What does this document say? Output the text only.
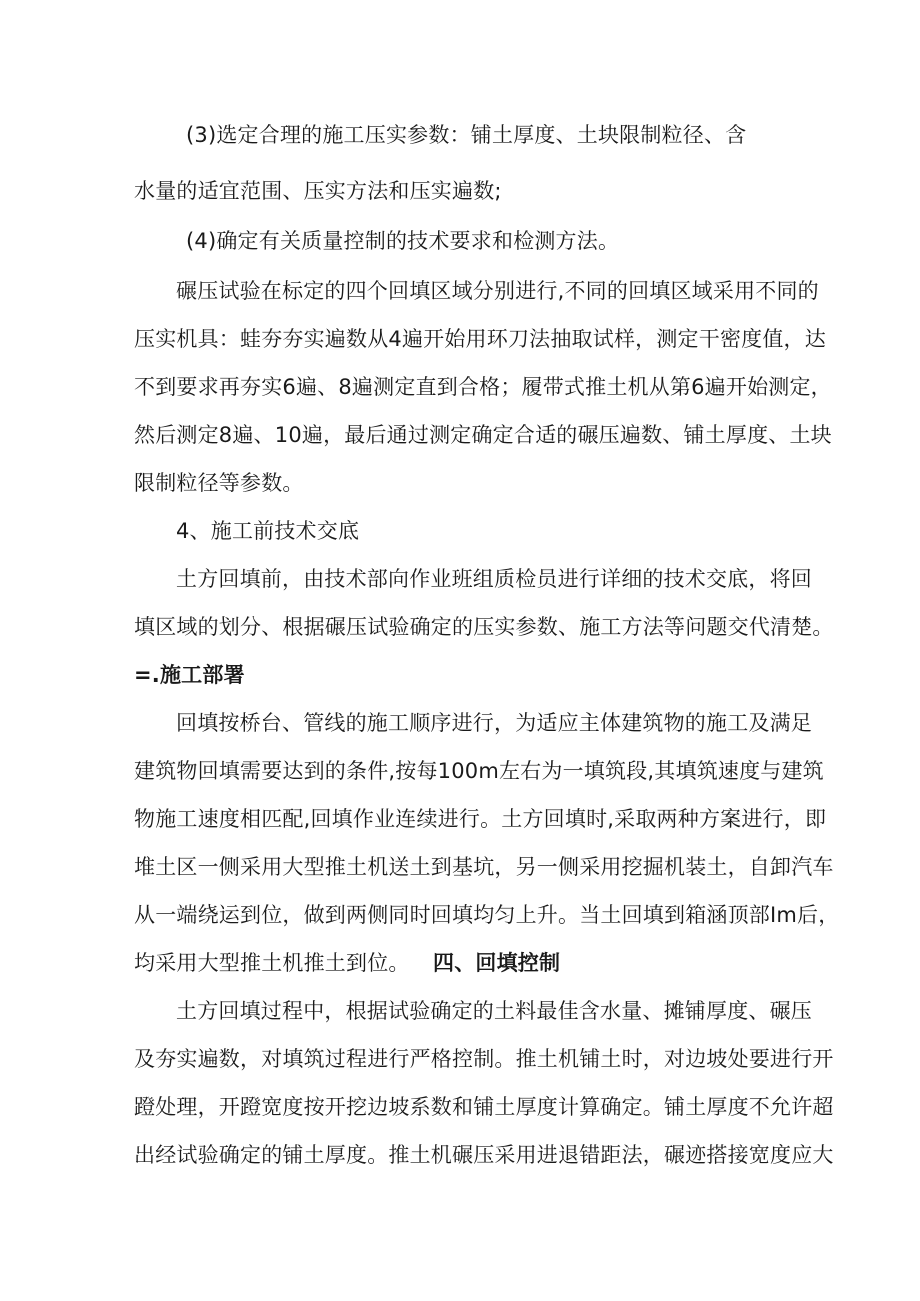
(3)选定合理的施工压实参数：铺土厚度、土块限制粒径、含
水量的适宜范围、压实方法和压实遍数;
(4)确定有关质量控制的技术要求和检测方法。
碾压试验在标定的四个回填区域分别进行,不同的回填区域采用不同的
压实机具：蛙夯夯实遍数从4遍开始用环刀法抽取试样，测定干密度值，达
不到要求再夯实6遍、8遍测定直到合格；履带式推土机从第6遍开始测定，
然后测定8遍、10遍，最后通过测定确定合适的碾压遍数、铺土厚度、土块
限制粒径等参数。
4、施工前技术交底
土方回填前，由技术部向作业班组质检员进行详细的技术交底，将回
填区域的划分、根据碾压试验确定的压实参数、施工方法等问题交代清楚。
=.施工部署
回填按桥台、管线的施工顺序进行，为适应主体建筑物的施工及满足
建筑物回填需要达到的条件,按每100m左右为一填筑段,其填筑速度与建筑
物施工速度相匹配,回填作业连续进行。土方回填时,采取两种方案进行，即
堆土区一侧采用大型推土机送土到基坑，另一侧采用挖掘机装土，自卸汽车
从一端绕运到位，做到两侧同时回填均匀上升。当土回填到箱涵顶部Im后，
均采用大型推土机推土到位。	四、回填控制
土方回填过程中，根据试验确定的土料最佳含水量、摊铺厚度、碾压
及夯实遍数，对填筑过程进行严格控制。推土机铺土时，对边坡处要进行开
蹬处理，开蹬宽度按开挖边坡系数和铺土厚度计算确定。铺土厚度不允许超
出经试验确定的铺土厚度。推土机碾压采用进退错距法，碾迹搭接宽度应大
